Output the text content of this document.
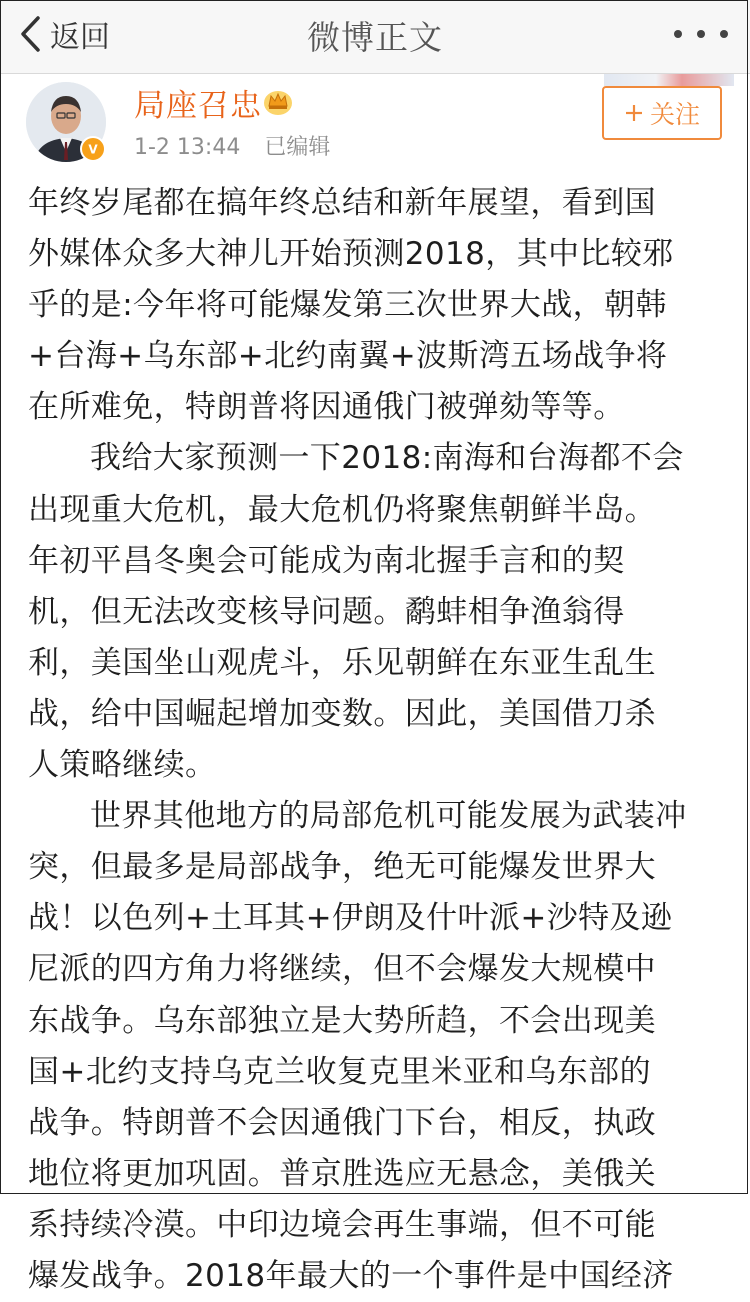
返回	微博正文
V
局座召忠
1-2 13:44 已编辑
关注

年终岁尾都在搞年终总结和新年展望，看到国

外媒体众多大神儿开始预测2018，其中比较邪

乎的是:今年将可能爆发第三次世界大战，朝韩

+台海+乌东部+北约南翼+波斯湾五场战争将

在所难免，特朗普将因通俄门被弹劾等等。

我给大家预测一下2018:南海和台海都不会

出现重大危机，最大危机仍将聚焦朝鲜半岛。

年初平昌冬奥会可能成为南北握手言和的契

机，但无法改变核导问题。鹬蚌相争渔翁得

利，美国坐山观虎斗，乐见朝鲜在东亚生乱生

战，给中国崛起增加变数。因此，美国借刀杀

人策略继续。

世界其他地方的局部危机可能发展为武装冲

突，但最多是局部战争，绝无可能爆发世界大

战！以色列+土耳其+伊朗及什叶派+沙特及逊

尼派的四方角力将继续，但不会爆发大规模中

东战争。乌东部独立是大势所趋，不会出现美

国+北约支持乌克兰收复克里米亚和乌东部的

战争。特朗普不会因通俄门下台，相反，执政

地位将更加巩固。普京胜选应无悬念，美俄关

系持续冷漠。中印边境会再生事端，但不可能

爆发战争。2018年最大的一个事件是中国经济
